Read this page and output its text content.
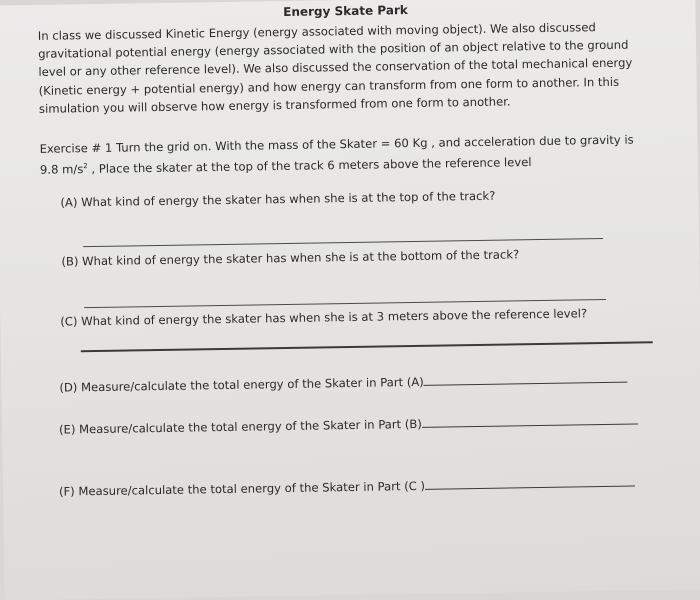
Energy Skate Park
In class we discussed Kinetic Energy (energy associated with moving object). We also discussed gravitational potential energy (energy associated with the position of an object relative to the ground level or any other reference level). We also discussed the conservation of the total mechanical energy (Kinetic energy + potential energy) and how energy can transform from one form to another. In this simulation you will observe how energy is transformed from one form to another.
Exercise # 1 Turn the grid on. With the mass of the Skater = 60 Kg , and acceleration due to gravity is 9.8 $m/s^2$ , Place the skater at the top of the track 6 meters above the reference level
(A) What kind of energy the skater has when she is at the top of the track?
(B) What kind of energy the skater has when she is at the bottom of the track?
(C) What kind of energy the skater has when she is at 3 meters above the reference level?
(D) Measure/calculate the total energy of the Skater in Part (A)
(E) Measure/calculate the total energy of the Skater in Part (B)
(F) Measure/calculate the total energy of the Skater in Part (C )
